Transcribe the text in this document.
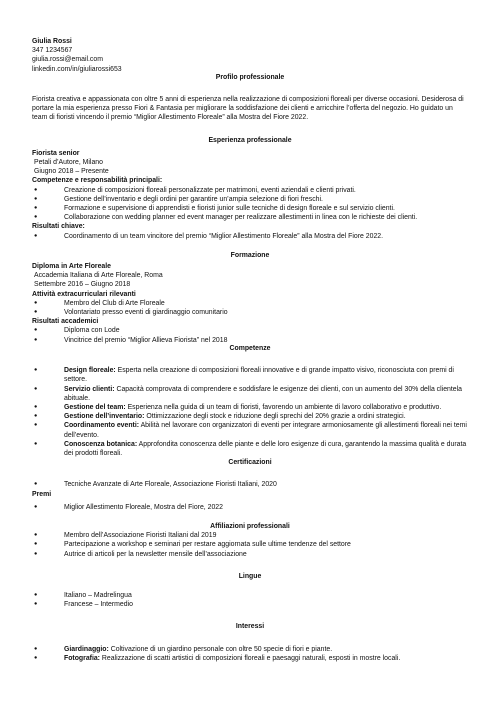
Giulia Rossi
347 1234567
giulia.rossi@email.com
linkedin.com/in/giuliarossi653
Profilo professionale
Fiorista creativa e appassionata con oltre 5 anni di esperienza nella realizzazione di composizioni floreali per diverse occasioni. Desiderosa di portare la mia esperienza presso Fiori & Fantasia per migliorare la soddisfazione dei clienti e arricchire l’offerta del negozio. Ho guidato un team di fioristi vincendo il premio “Miglior Allestimento Floreale” alla Mostra del Fiore 2022.
Esperienza professionale
Fiorista senior
Petali d’Autore, Milano
Giugno 2018 – Presente
Competenze e responsabilità principali:
● Creazione di composizioni floreali personalizzate per matrimoni, eventi aziendali e clienti privati.
● Gestione dell’inventario e degli ordini per garantire un’ampia selezione di fiori freschi.
● Formazione e supervisione di apprendisti e fioristi junior sulle tecniche di design floreale e sul servizio clienti.
● Collaborazione con wedding planner ed event manager per realizzare allestimenti in linea con le richieste dei clienti.
Risultati chiave:
● Coordinamento di un team vincitore del premio “Miglior Allestimento Floreale” alla Mostra del Fiore 2022.
Formazione
Diploma in Arte Floreale
Accademia Italiana di Arte Floreale, Roma
Settembre 2016 – Giugno 2018
Attività extracurriculari rilevanti
● Membro del Club di Arte Floreale
● Volontariato presso eventi di giardinaggio comunitario
Risultati accademici
● Diploma con Lode
● Vincitrice del premio “Miglior Allieva Fiorista” nel 2018
Competenze
● Design floreale: Esperta nella creazione di composizioni floreali innovative e di grande impatto visivo, riconosciuta con premi di settore.
● Servizio clienti: Capacità comprovata di comprendere e soddisfare le esigenze dei clienti, con un aumento del 30% della clientela abituale.
● Gestione del team: Esperienza nella guida di un team di fioristi, favorendo un ambiente di lavoro collaborativo e produttivo.
● Gestione dell’inventario: Ottimizzazione degli stock e riduzione degli sprechi del 20% grazie a ordini strategici.
● Coordinamento eventi: Abilità nel lavorare con organizzatori di eventi per integrare armoniosamente gli allestimenti floreali nei temi dell’evento.
● Conoscenza botanica: Approfondita conoscenza delle piante e delle loro esigenze di cura, garantendo la massima qualità e durata dei prodotti floreali.
Certificazioni
● Tecniche Avanzate di Arte Floreale, Associazione Fioristi Italiani, 2020
Premi
● Miglior Allestimento Floreale, Mostra del Fiore, 2022
Affiliazioni professionali
● Membro dell’Associazione Fioristi Italiani dal 2019
● Partecipazione a workshop e seminari per restare aggiornata sulle ultime tendenze del settore
● Autrice di articoli per la newsletter mensile dell’associazione
Lingue
● Italiano – Madrelingua
● Francese – Intermedio
Interessi
● Giardinaggio: Coltivazione di un giardino personale con oltre 50 specie di fiori e piante.
● Fotografia: Realizzazione di scatti artistici di composizioni floreali e paesaggi naturali, esposti in mostre locali.
